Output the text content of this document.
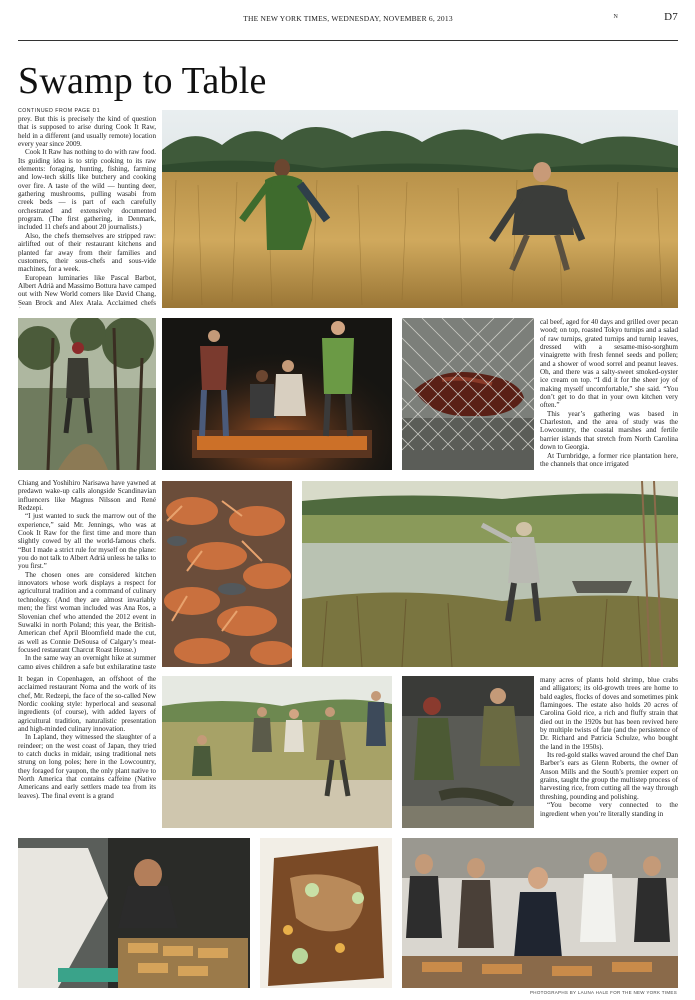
THE NEW YORK TIMES, WEDNESDAY, NOVEMBER 6, 2013	N	D7
Swamp to Table
CONTINUED FROM PAGE D1

prey. But this is precisely the kind of question that is supposed to arise during Cook It Raw, held in a different (and usually remote) location every year since 2009.

Cook It Raw has nothing to do with raw food. Its guiding idea is to strip cooking to its raw elements: foraging, hunting, fishing, farming and low-tech skills like butchery and cooking over fire. A taste of the wild — hunting deer, gathering mushrooms, pulling wasabi from creek beds — is part of each carefully orchestrated and extensively documented program. (The first gathering, in Denmark, included 11 chefs and about 20 journalists.)

Also, the chefs themselves are stripped raw: airlifted out of their restaurant kitchens and planted far away from their families and customers, their sous-chefs and sous-vide machines, for a week.

European luminaries like Pascal Barbot, Albert Adrià and Massimo Bottura have camped out with New World comers like David Chang, Sean Brock and Alex Atala. Acclaimed chefs

Chiang and Yoshihiro Narisawa have yawned at predawn wake-up calls alongside Scandinavian influencers like Magnus Nilsson and René Redzepi.

“I just wanted to suck the marrow out of the experience,” said Mr. Jennings, who was at Cook It Raw for the first time and more than slightly cowed by all the world-famous chefs. “But I made a strict rule for myself on the plane: you do not talk to Albert Adrià unless he talks to you first.”

The chosen ones are considered kitchen innovators whose work displays a respect for agricultural tradition and a command of culinary technology. (And they are almost invariably men; the first woman included was Ana Ros, a Slovenian chef who attended the 2012 event in Suwalki in north Poland; this year, the British-American chef April Bloomfield made the cut, as well as Connie DeSousa of Calgary’s meat-focused restaurant Charcut Roast House.)

In the same way an overnight hike at summer camp gives children a safe but exhilarating taste

It began in Copenhagen, an offshoot of the acclaimed restaurant Noma and the work of its chef, Mr. Redzepi, the face of the so-called New Nordic cooking style: hyperlocal and seasonal ingredients (of course), with added layers of agricultural tradition, naturalistic presentation and high-minded culinary innovation.

In Lapland, they witnessed the slaughter of a reindeer; on the west coast of Japan, they tried to catch ducks in midair, using traditional nets strung on long poles; here in the Lowcountry, they foraged for yaupon, the only plant native to North America that contains caffeine (Native Americans and early settlers made tea from its leaves). The final event is a grand

cal beef, aged for 40 days and grilled over pecan wood; on top, roasted Tokyo turnips and a salad of raw turnips, grated turnips and turnip leaves, dressed with a sesame-miso-sorghum vinaigrette with fresh fennel seeds and pollen; and a shower of wood sorrel and peanut leaves. Oh, and there was a salty-sweet smoked-oyster ice cream on top. “I did it for the sheer joy of making myself uncomfortable,” she said. “You don’t get to do that in your own kitchen very often.”

This year’s gathering was based in Charleston, and the area of study was the Lowcountry, the coastal marshes and fertile barrier islands that stretch from North Carolina down to Georgia.

At Turnbridge, a former rice plantation here, the channels that once irrigated

many acres of plants hold shrimp, blue crabs and alligators; its old-growth trees are home to bald eagles, flocks of doves and sometimes pink flamingoes. The estate also holds 20 acres of Carolina Gold rice, a rich and fluffy strain that died out in the 1920s but has been revived here by multiple twists of fate (and the persistence of Dr. Richard and Patricia Schulze, who bought the land in the 1950s).

Its red-gold stalks waved around the chef Dan Barber’s ears as Glenn Roberts, the owner of Anson Mills and the South’s premier expert on grains, taught the group the multistep process of harvesting rice, from cutting all the way through threshing, pounding and polishing.

“You become very connected to the ingredient when you’re literally standing in

PHOTOGRAPHS BY LAUNA HALE FOR THE NEW YORK TIMES
